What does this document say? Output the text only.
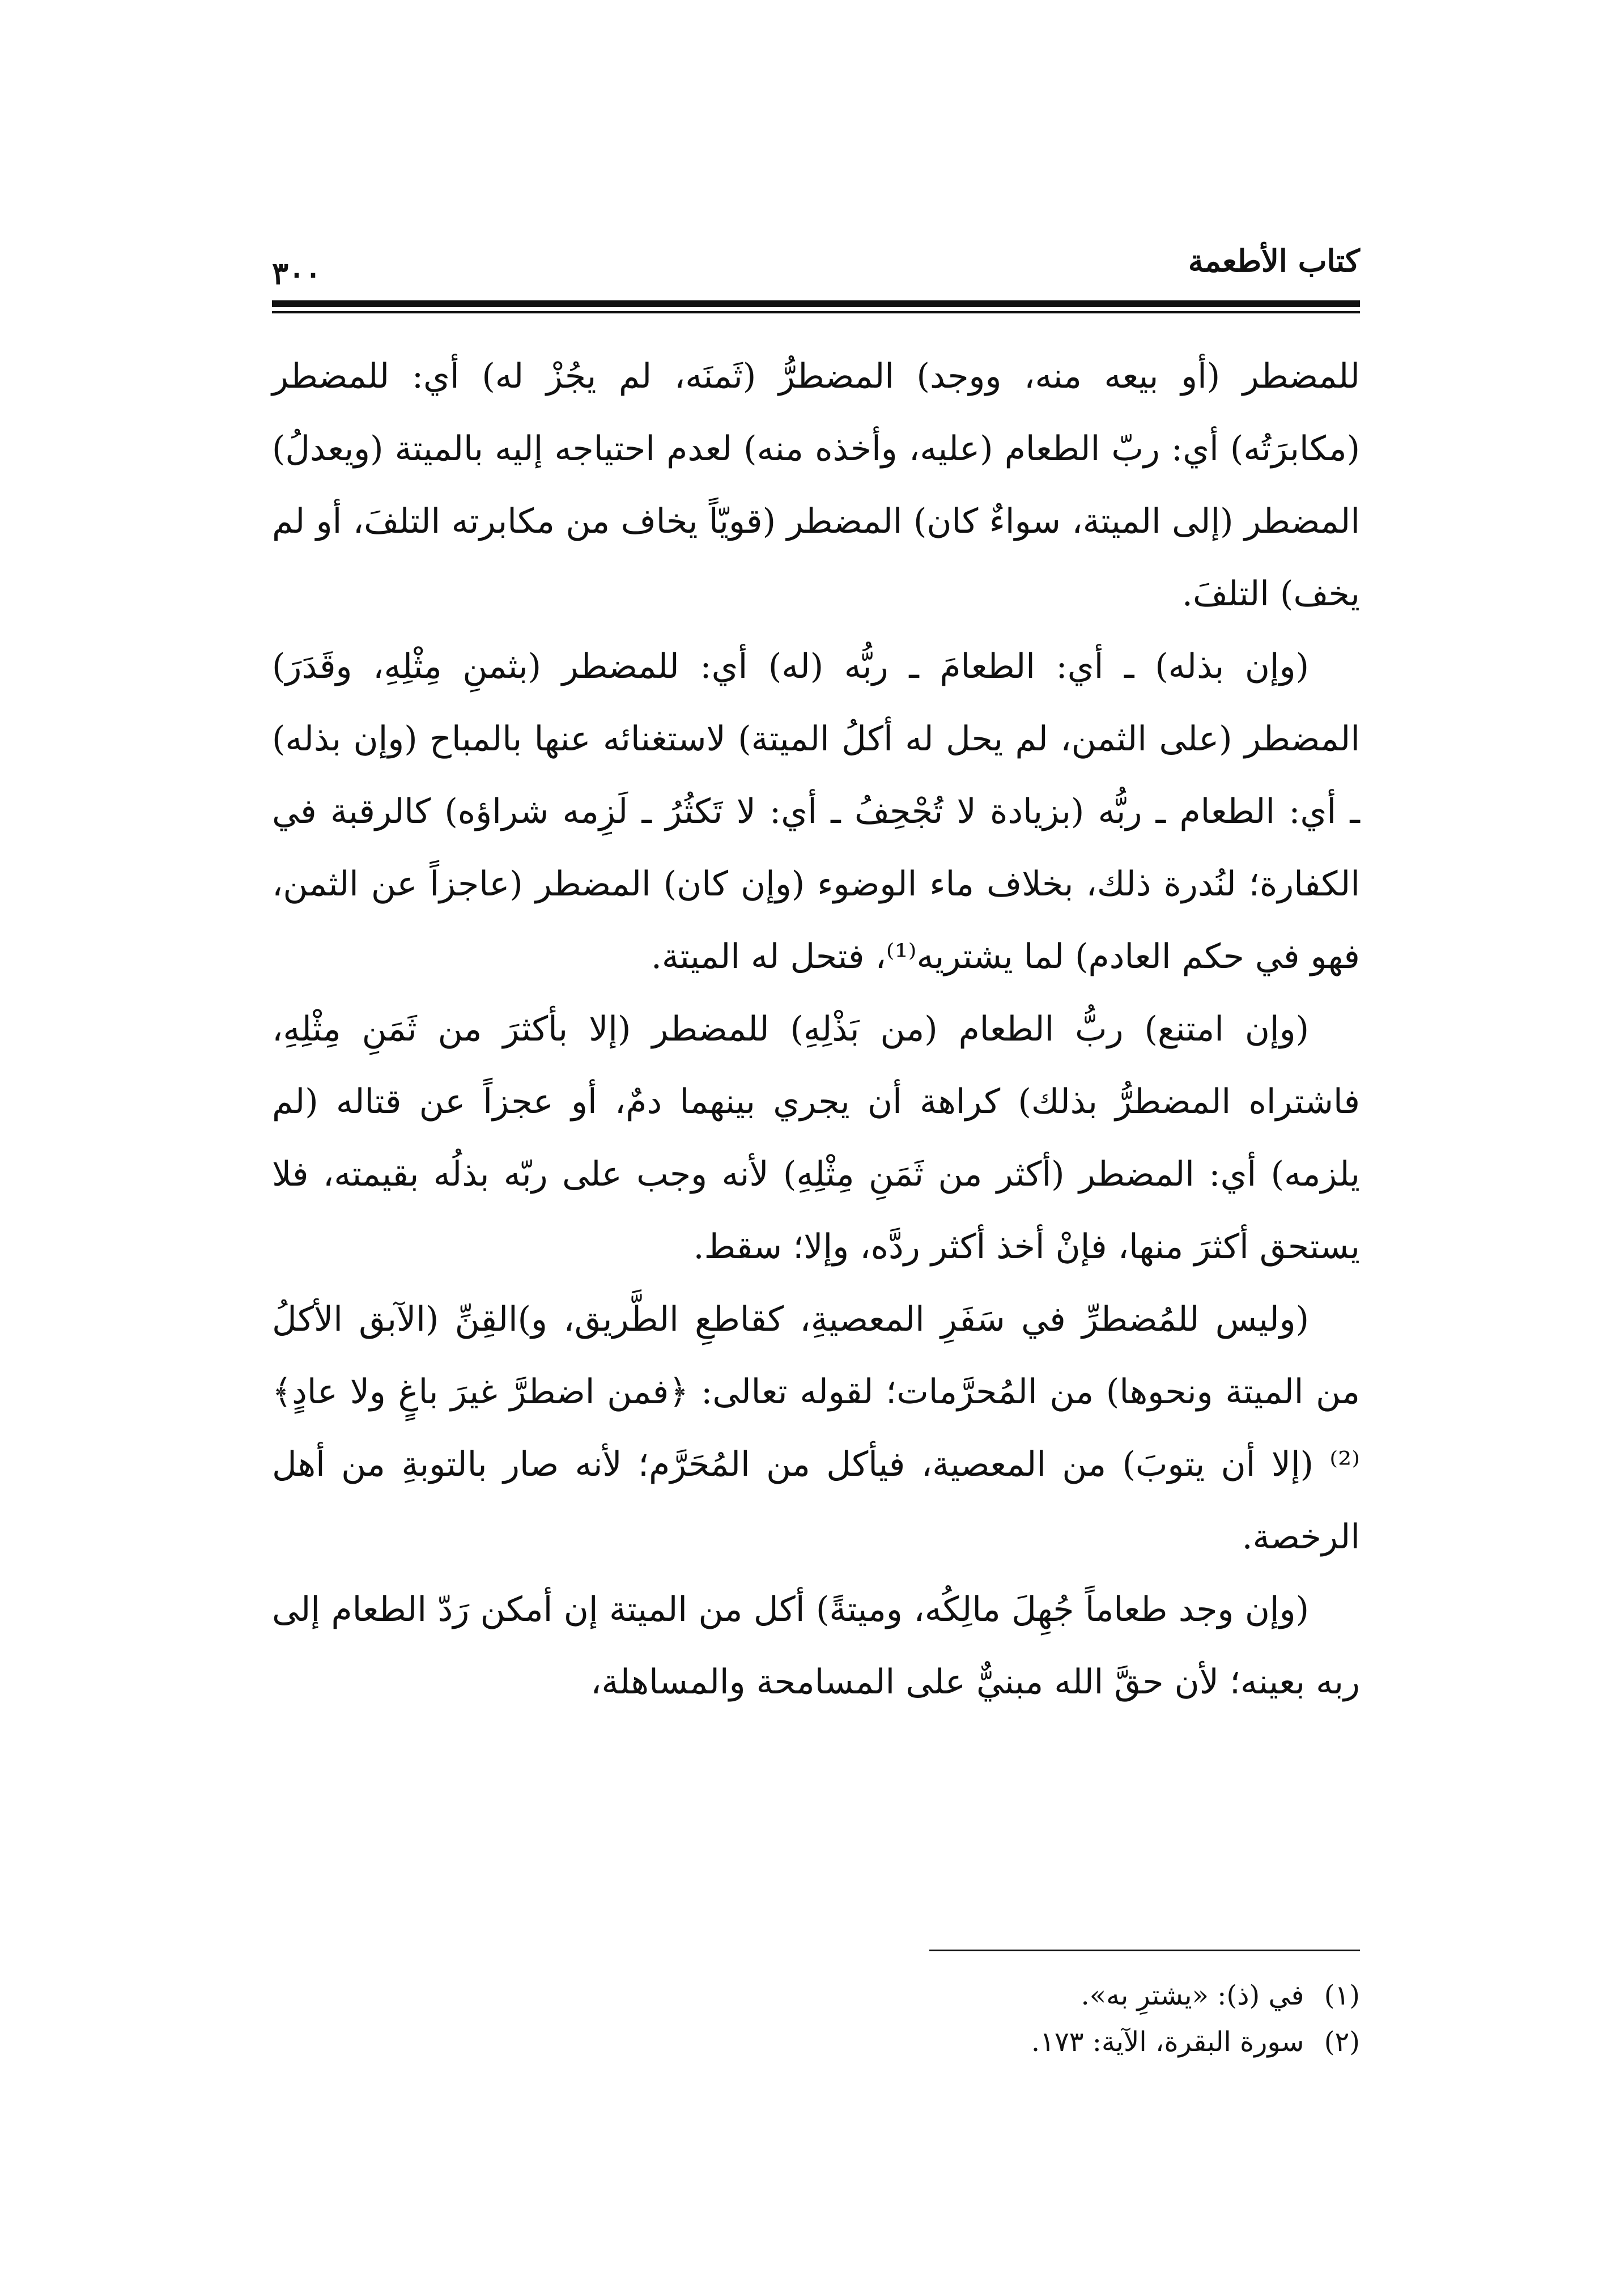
كتاب الأطعمة
٣٠٠

للمضطر (أو بيعه منه، ووجد) المضطرُّ (ثَمنَه، لم يجُزْ له) أي: للمضطر (مكابرَتُه) أي: ربّ الطعام (عليه، وأخذه منه) لعدم احتياجه إليه بالميتة (ويعدلُ) المضطر (إلى الميتة، سواءٌ كان) المضطر (قويّاً يخاف من مكابرته التلفَ، أو لم يخف) التلفَ.

(وإن بذله) ـ أي: الطعامَ ـ ربُّه (له) أي: للمضطر (بثمنِ مِثْلِهِ، وقَدَرَ) المضطر (على الثمن، لم يحل له أكلُ الميتة) لاستغنائه عنها بالمباح (وإن بذله) ـ أي: الطعام ـ ربُّه (بزيادة لا تُجْحِفُ ـ أي: لا تَكثُرُ ـ لَزِمه شراؤه) كالرقبة في الكفارة؛ لنُدرة ذلك، بخلاف ماء الوضوء (وإن كان) المضطر (عاجزاً عن الثمن، فهو في حكم العادم) لما يشتريه⁽¹⁾، فتحل له الميتة.

(وإن امتنع) ربُّ الطعام (من بَذْلِهِ) للمضطر (إلا بأكثرَ من ثَمَنِ مِثْلِهِ، فاشتراه المضطرُّ بذلك) كراهة أن يجري بينهما دمٌ، أو عجزاً عن قتاله (لم يلزمه) أي: المضطر (أكثر من ثَمَنِ مِثْلِهِ) لأنه وجب على ربّه بذلُه بقيمته، فلا يستحق أكثرَ منها، فإنْ أخذ أكثر ردَّه، وإلا؛ سقط.

(وليس للمُضطرِّ في سَفَرِ المعصيةِ، كقاطعِ الطَّريق، و)القِنِّ (الآبق الأكلُ من الميتة ونحوها) من المُحرَّمات؛ لقوله تعالى: ﴿فمن اضطرَّ غيرَ باغٍ ولا عادٍ﴾⁽²⁾ (إلا أن يتوبَ) من المعصية، فيأكل من المُحَرَّم؛ لأنه صار بالتوبةِ من أهل الرخصة.

(وإن وجد طعاماً جُهِلَ مالِكُه، وميتةً) أكل من الميتة إن أمكن رَدّ الطعام إلى ربه بعينه؛ لأن حقَّ الله مبنيٌّ على المسامحة والمساهلة،

(١) في (ذ): «يشترِ به».

(٢) سورة البقرة، الآية: ١٧٣.
